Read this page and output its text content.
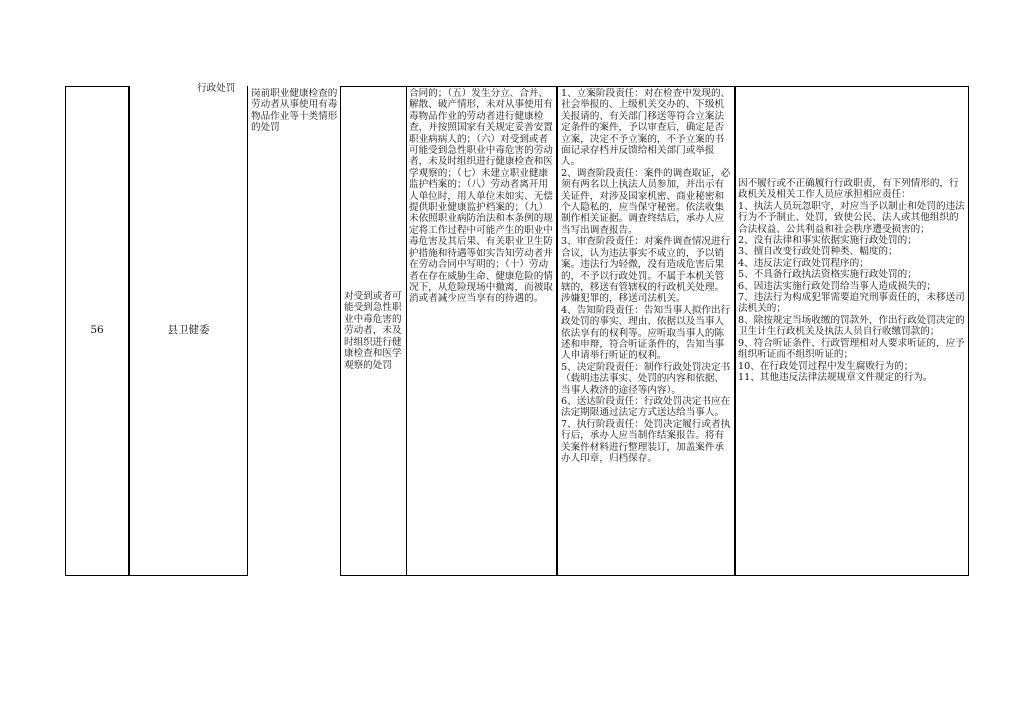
行政处罚
56	县卫健委
岗前职业健康检查的劳动者从事使用有毒物品作业等十类情形的处罚
对受到或者可能受到急性职业中毒危害的劳动者，未及时组织进行健康检查和医学观察的处罚
合同的；（五）发生分立、合并、解散、破产情形，未对从事使用有毒物品作业的劳动者进行健康检查，并按照国家有关规定妥善安置职业病病人的；（六）对受到或者可能受到急性职业中毒危害的劳动者，未及时组织进行健康检查和医学观察的；（七）未建立职业健康监护档案的；（八）劳动者离开用人单位时，用人单位未如实、无偿提供职业健康监护档案的；（九）未依照职业病防治法和本条例的规定将工作过程中可能产生的职业中毒危害及其后果、有关职业卫生防护措施和待遇等如实告知劳动者并在劳动合同中写明的；（十）劳动者在存在威胁生命、健康危险的情况下，从危险现场中撤离，而被取消或者减少应当享有的待遇的。
1、立案阶段责任：对在检查中发现的、社会举报的、上级机关交办的、下级机关报请的、有关部门移送等符合立案法定条件的案件，予以审查后，确定是否立案，决定不予立案的，不予立案的书面记录存档并反馈给相关部门或举报人。
2、调查阶段责任：案件的调查取证，必须有两名以上执法人员参加，并出示有关证件，对涉及国家机密、商业秘密和个人隐私的，应当保守秘密。依法收集制作相关证据。调查终结后，承办人应当写出调查报告。
3、审查阶段责任：对案件调查情况进行合议，认为违法事实不成立的，予以销案。违法行为轻微，没有造成危害后果的，不予以行政处罚。不属于本机关管辖的，移送有管辖权的行政机关处理。涉嫌犯罪的，移送司法机关。
4、告知阶段责任：告知当事人拟作出行政处罚的事实、理由、依据以及当事人依法享有的权利等。应听取当事人的陈述和申辩，符合听证条件的，告知当事人申请举行听证的权利。
5、决定阶段责任：制作行政处罚决定书（载明违法事实、处罚的内容和依据、当事人救济的途径等内容）。
6、送达阶段责任：行政处罚决定书应在法定期限通过法定方式送达给当事人。
7、执行阶段责任：处罚决定履行或者执行后，承办人应当制作结案报告。将有关案件材料进行整理装订，加盖案件承办人印章，归档保存。
因不履行或不正确履行行政职责，有下列情形的，行政机关及相关工作人员应承担相应责任：
1、执法人员玩忽职守，对应当予以制止和处罚的违法行为不予制止、处罚，致使公民、法人或其他组织的合法权益、公共利益和社会秩序遭受损害的；
2、没有法律和事实依据实施行政处罚的；
3、擅自改变行政处罚种类、幅度的；
4、违反法定行政处罚程序的；
5、不具备行政执法资格实施行政处罚的；
6、因违法实施行政处罚给当事人造成损失的；
7、违法行为构成犯罪需要追究刑事责任的，未移送司法机关的；
8、除按规定当场收缴的罚款外，作出行政处罚决定的卫生计生行政机关及执法人员自行收缴罚款的；
9、符合听证条件、行政管理相对人要求听证的，应予组织听证而不组织听证的；
10、在行政处罚过程中发生腐败行为的；
11、其他违反法律法规规章文件规定的行为。
